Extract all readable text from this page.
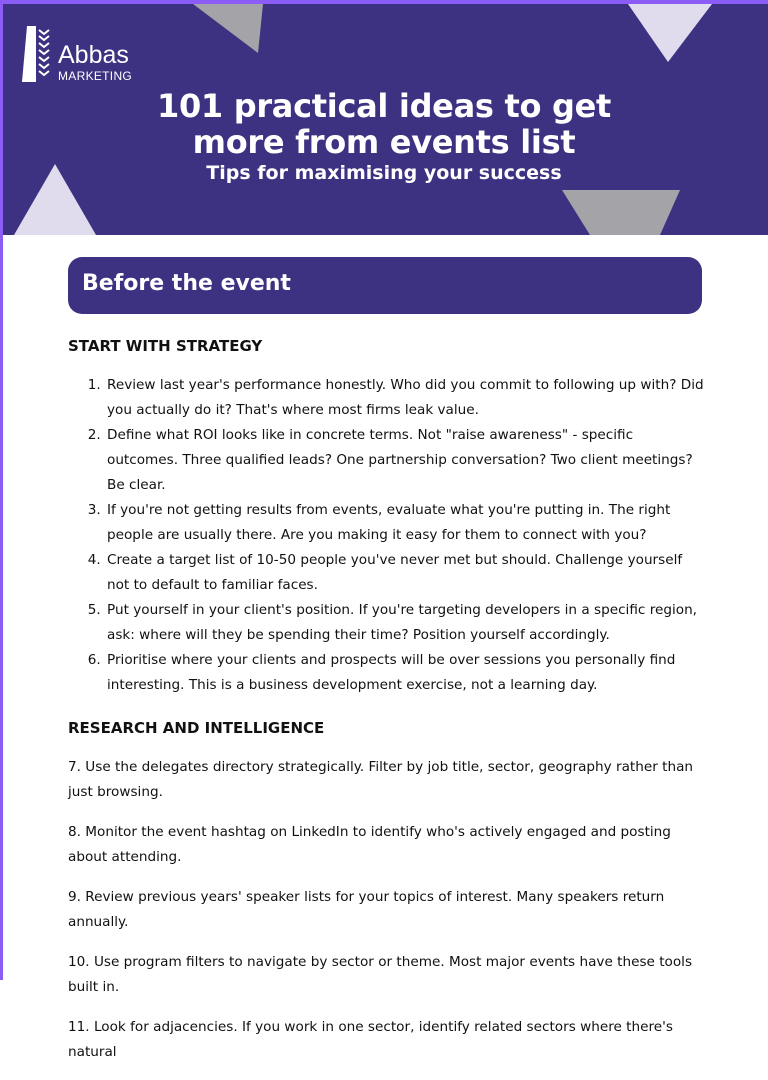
Abbas
MARKETING
101 practical ideas to get
more from events list
Tips for maximising your success
Before the event
START WITH STRATEGY
1. Review last year's performance honestly. Who did you commit to following up with? Did you actually do it? That's where most firms leak value.
2. Define what ROI looks like in concrete terms. Not "raise awareness" - specific outcomes. Three qualified leads? One partnership conversation? Two client meetings? Be clear.
3. If you're not getting results from events, evaluate what you're putting in. The right people are usually there. Are you making it easy for them to connect with you?
4. Create a target list of 10-50 people you've never met but should. Challenge yourself not to default to familiar faces.
5. Put yourself in your client's position. If you're targeting developers in a specific region, ask: where will they be spending their time? Position yourself accordingly.
6. Prioritise where your clients and prospects will be over sessions you personally find interesting. This is a business development exercise, not a learning day.
RESEARCH AND INTELLIGENCE

7. Use the delegates directory strategically. Filter by job title, sector, geography rather than just browsing.

8. Monitor the event hashtag on LinkedIn to identify who's actively engaged and posting about attending.

9. Review previous years' speaker lists for your topics of interest. Many speakers return annually.

10. Use program filters to navigate by sector or theme. Most major events have these tools built in.

11. Look for adjacencies. If you work in one sector, identify related sectors where there's natural
